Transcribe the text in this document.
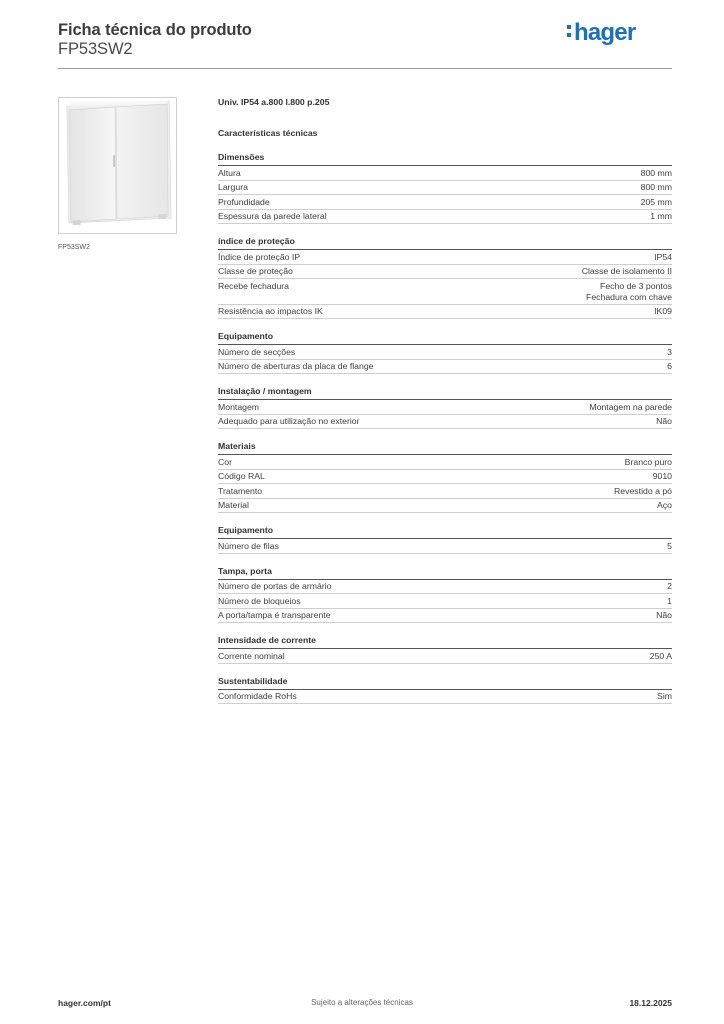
Ficha técnica do produto
FP53SW2
hager
FP53SW2
Univ. IP54 a.800 l.800 p.205
Características técnicas
Dimensões
Altura	800 mm
Largura	800 mm
Profundidade	205 mm
Espessura da parede lateral	1 mm
índice de proteção
Índice de proteção IP	IP54
Classe de proteção	Classe de isolamento II
Recebe fechadura	Fecho de 3 pontos
Fechadura com chave
Resistência ao impactos IK	IK09
Equipamento
Número de secções	3
Número de aberturas da placa de flange	6
Instalação / montagem
Montagem	Montagem na parede
Adequado para utilização no exterior	Não
Materiais
Cor	Branco puro
Código RAL	9010
Tratamento	Revestido a pó
Material	Aço
Equipamento
Número de filas	5
Tampa, porta
Número de portas de armário	2
Número de bloqueios	1
A porta/tampa é transparente	Não
Intensidade de corrente
Corrente nominal	250 A
Sustentabilidade
Conformidade RoHs	Sim
hager.com/pt	Sujeito a alterações técnicas	18.12.2025
